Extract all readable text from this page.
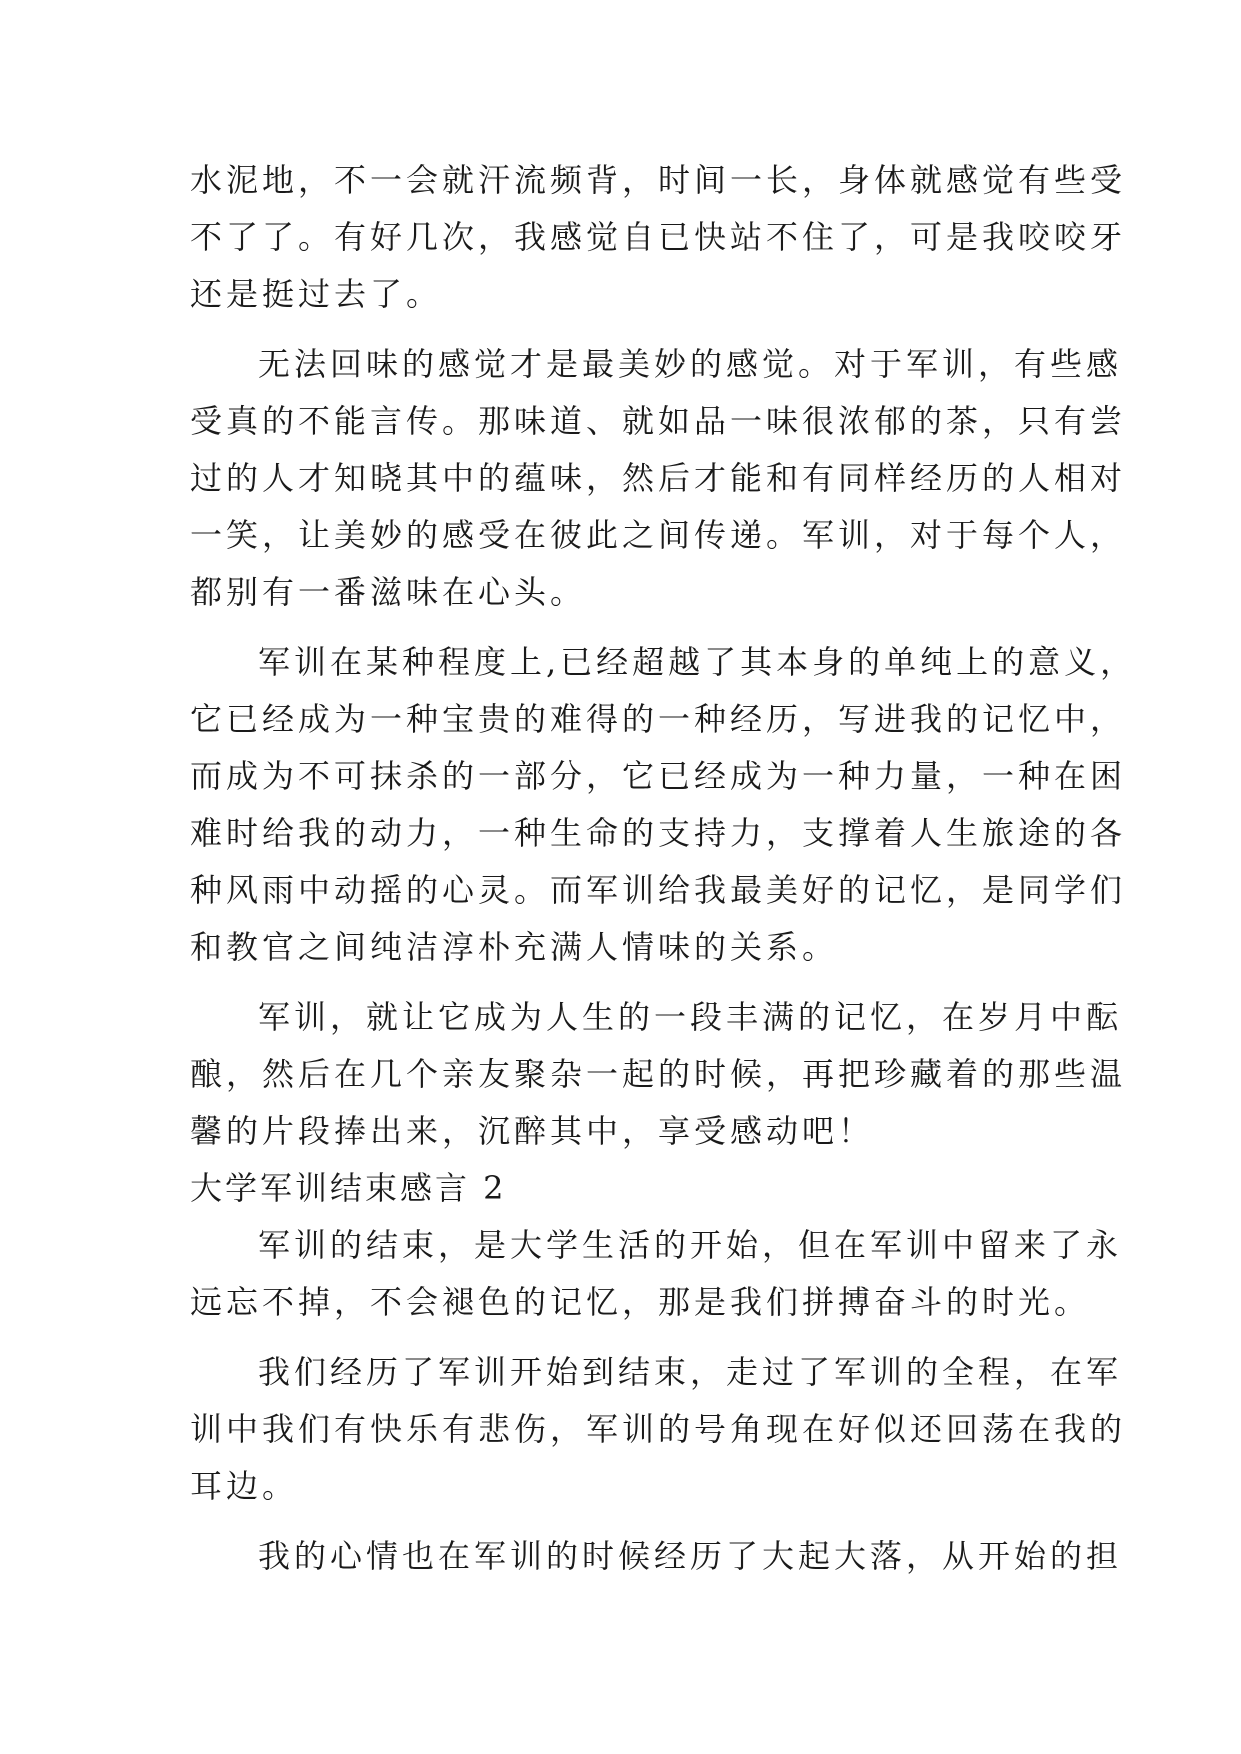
水泥地，不一会就汗流频背，时间一长，身体就感觉有些受
不了了。有好几次，我感觉自已快站不住了，可是我咬咬牙
还是挺过去了。
无法回味的感觉才是最美妙的感觉。对于军训，有些感
受真的不能言传。那味道、就如品一味很浓郁的茶，只有尝
过的人才知晓其中的蕴味，然后才能和有同样经历的人相对
一笑，让美妙的感受在彼此之间传递。军训，对于每个人，
都别有一番滋味在心头。
军训在某种程度上,已经超越了其本身的单纯上的意义，
它已经成为一种宝贵的难得的一种经历，写进我的记忆中，
而成为不可抹杀的一部分，它已经成为一种力量，一种在困
难时给我的动力，一种生命的支持力，支撑着人生旅途的各
种风雨中动摇的心灵。而军训给我最美好的记忆，是同学们
和教官之间纯洁淳朴充满人情味的关系。
军训，就让它成为人生的一段丰满的记忆，在岁月中酝
酿，然后在几个亲友聚杂一起的时候，再把珍藏着的那些温
馨的片段捧出来，沉醉其中，享受感动吧！
大学军训结束感言 2
军训的结束，是大学生活的开始，但在军训中留来了永
远忘不掉，不会褪色的记忆，那是我们拼搏奋斗的时光。
我们经历了军训开始到结束，走过了军训的全程，在军
训中我们有快乐有悲伤，军训的号角现在好似还回荡在我的
耳边。
我的心情也在军训的时候经历了大起大落，从开始的担
